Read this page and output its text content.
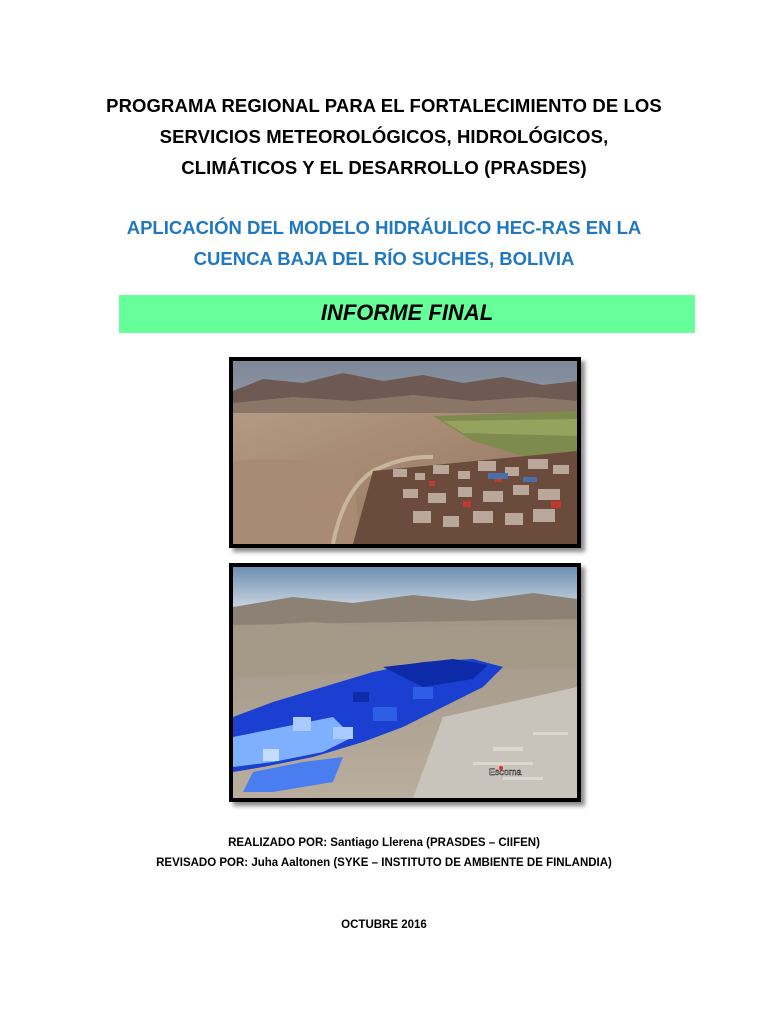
PROGRAMA REGIONAL PARA EL FORTALECIMIENTO DE LOS
SERVICIOS METEOROLÓGICOS, HIDROLÓGICOS,
CLIMÁTICOS Y EL DESARROLLO (PRASDES)
APLICACIÓN DEL MODELO HIDRÁULICO HEC-RAS EN LA
CUENCA BAJA DEL RÍO SUCHES, BOLIVIA
INFORME FINAL
Escoma
REALIZADO POR: Santiago Llerena (PRASDES – CIIFEN)
REVISADO POR: Juha Aaltonen (SYKE – INSTITUTO DE AMBIENTE DE FINLANDIA)
OCTUBRE 2016
